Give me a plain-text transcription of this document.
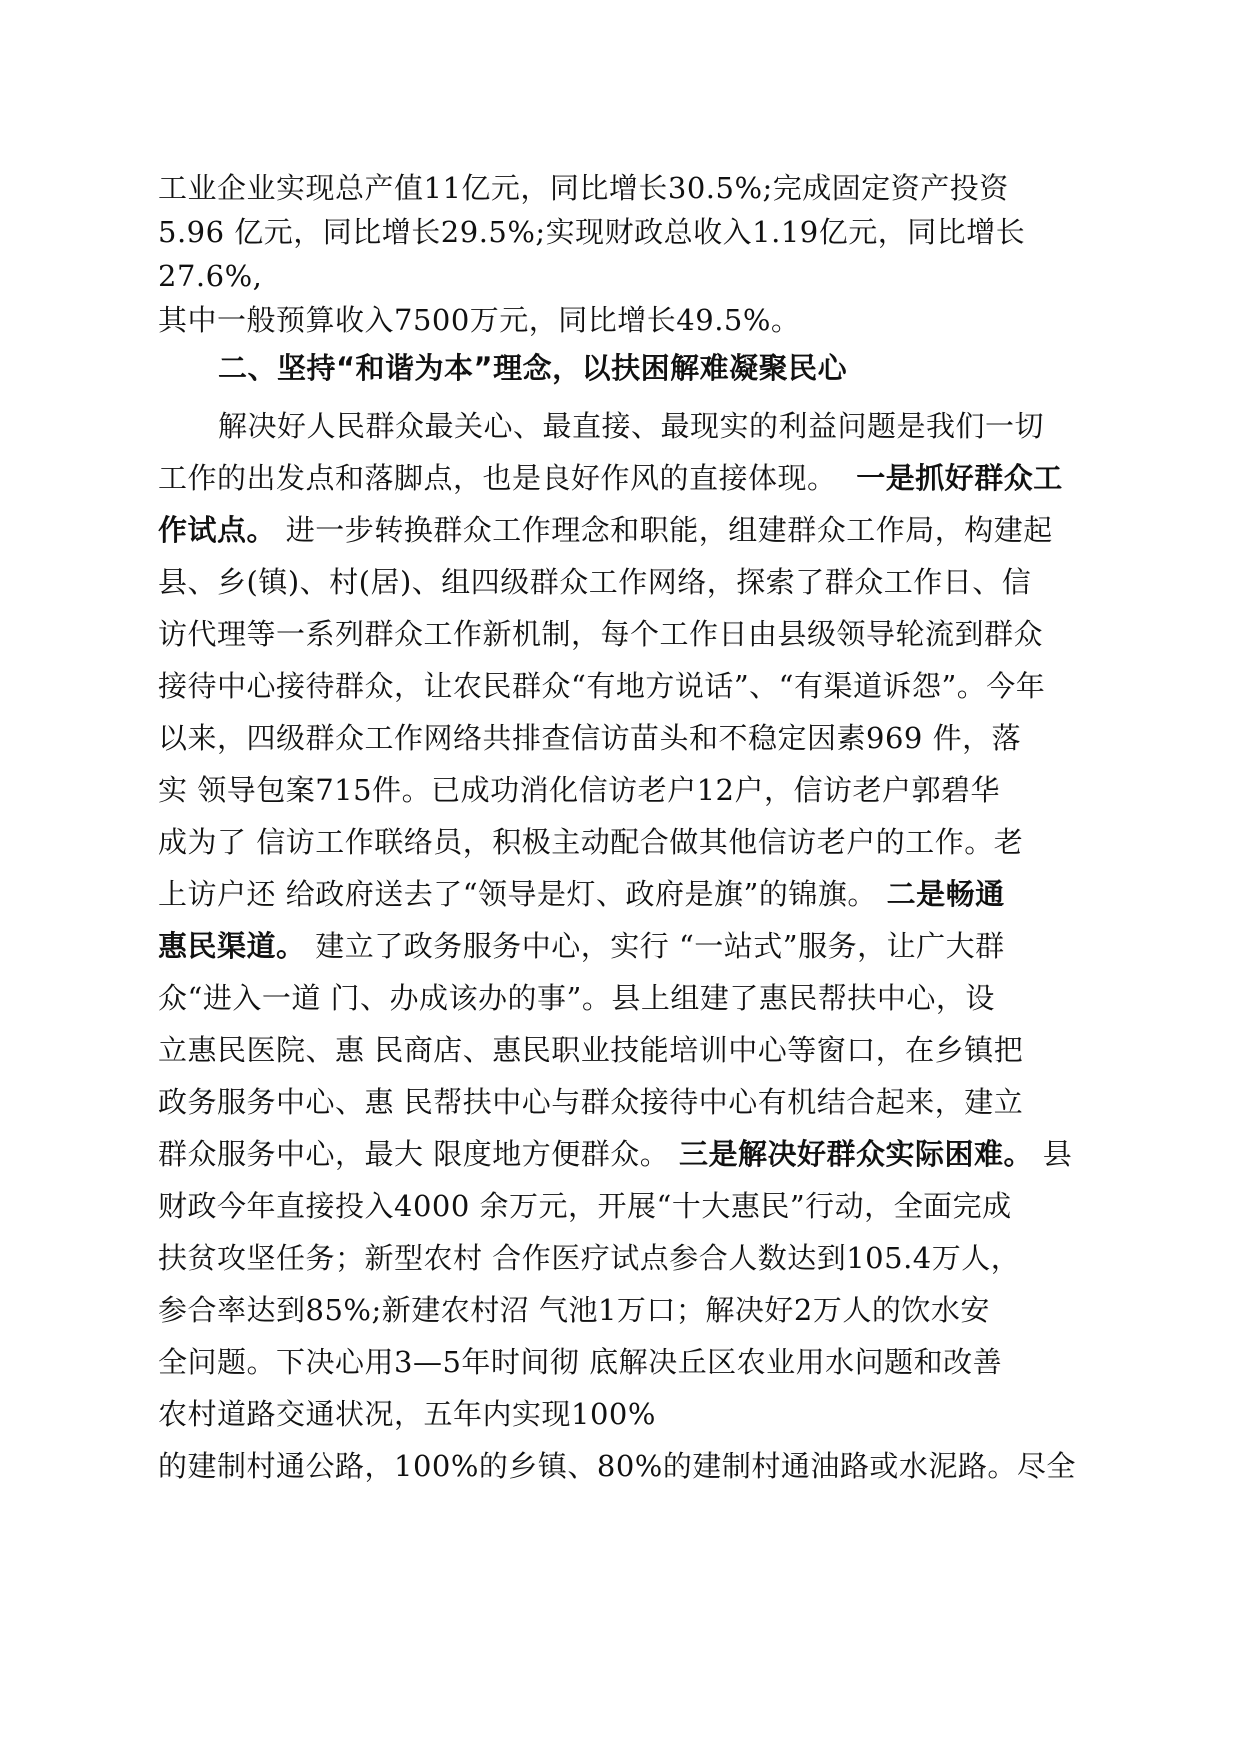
工业企业实现总产值11亿元，同比增长30.5%;完成固定资产投资
5.96 亿元，同比增长29.5%;实现财政总收入1.19亿元，同比增长
27.6%,
其中一般预算收入7500万元，同比增长49.5%。
二、坚持“和谐为本”理念，以扶困解难凝聚民心
解决好人民群众最关心、最直接、最现实的利益问题是我们一切
工作的出发点和落脚点，也是良好作风的直接体现。 一是抓好群众工
作试点。 进一步转换群众工作理念和职能，组建群众工作局，构建起
县、乡(镇)、村(居)、组四级群众工作网络，探索了群众工作日、信
访代理等一系列群众工作新机制，每个工作日由县级领导轮流到群众
接待中心接待群众，让农民群众“有地方说话”、“有渠道诉怨”。今年
以来，四级群众工作网络共排查信访苗头和不稳定因素969 件，落
实 领导包案715件。已成功消化信访老户12户，信访老户郭碧华
成为了 信访工作联络员，积极主动配合做其他信访老户的工作。老
上访户还 给政府送去了“领导是灯、政府是旗”的锦旗。 二是畅通
惠民渠道。 建立了政务服务中心，实行 “一站式”服务，让广大群
众“进入一道 门、办成该办的事”。县上组建了惠民帮扶中心，设
立惠民医院、惠 民商店、惠民职业技能培训中心等窗口，在乡镇把
政务服务中心、惠 民帮扶中心与群众接待中心有机结合起来，建立
群众服务中心，最大 限度地方便群众。 三是解决好群众实际困难。 县
财政今年直接投入4000 余万元，开展“十大惠民”行动，全面完成
扶贫攻坚任务；新型农村 合作医疗试点参合人数达到105.4万人，
参合率达到85%;新建农村沼 气池1万口；解决好2万人的饮水安
全问题。下决心用3—5年时间彻 底解决丘区农业用水问题和改善
农村道路交通状况，五年内实现100%
的建制村通公路，100%的乡镇、80%的建制村通油路或水泥路。尽全
